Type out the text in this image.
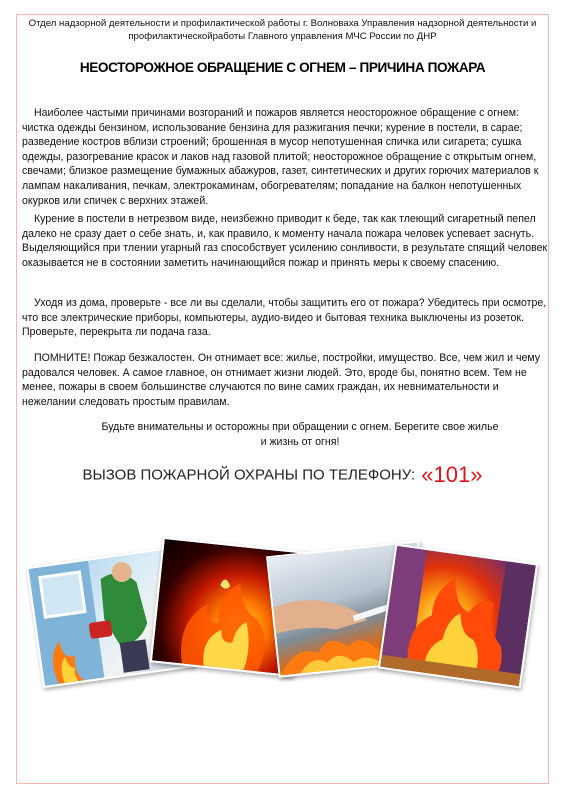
Отдел надзорной деятельности и профилактической работы г. Волноваха Управления надзорной деятельности и профилактическойработы Главного управления МЧС России по ДНР
НЕОСТОРОЖНОЕ ОБРАЩЕНИЕ С ОГНЕМ – ПРИЧИНА ПОЖАРА

Наиболее частыми причинами возгораний и пожаров является неосторожное обращение с огнем: чистка одежды бензином, использование бензина для разжигания печки; курение в постели, в сарае; разведение костров вблизи строений; брошенная в мусор непотушенная спичка или сигарета; сушка одежды, разогревание красок и лаков над газовой плитой; неосторожное обращение с открытым огнем, свечами; близкое размещение бумажных абажуров, газет, синтетических и других горючих материалов к лампам накаливания, печкам, электрокаминам, обогревателям; попадание на балкон непотушенных окурков или спичек с верхних этажей.

Курение в постели в нетрезвом виде, неизбежно приводит к беде, так как тлеющий сигаретный пепел далеко не сразу дает о себе знать, и, как правило, к моменту начала пожара человек успевает заснуть. Выделяющийся при тлении угарный газ способствует усилению сонливости, в результате спящий человек оказывается не в состоянии заметить начинающийся пожар и принять меры к своему спасению.

Уходя из дома, проверьте - все ли вы сделали, чтобы защитить его от пожара? Убедитесь при осмотре, что все электрические приборы, компьютеры, аудио-видео и бытовая техника выключены из розеток. Проверьте, перекрыта ли подача газа.

ПОМНИТЕ! Пожар безжалостен. Он отнимает все: жилье, постройки, имущество. Все, чем жил и чему радовался человек. А самое главное, он отнимает жизни людей. Это, вроде бы, понятно всем. Тем не менее, пожары в своем большинстве случаются по вине самих граждан, их невнимательности и нежелании следовать простым правилам.

Будьте внимательны и осторожны при обращении с огнем. Берегите свое жилье
и жизнь от огня!
ВЫЗОВ ПОЖАРНОЙ ОХРАНЫ ПО ТЕЛЕФОНУ: «101»
